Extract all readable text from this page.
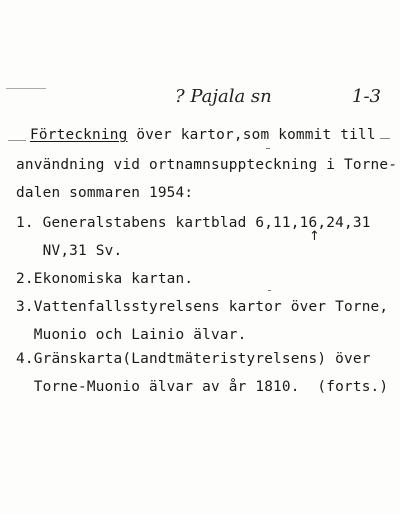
? Pajala sn	1-3
Förteckning över kartor,som kommit till
användning vid ortnamnsuppteckning i Torne-
dalen sommaren 1954:
1. Generalstabens kartblad 6,11,16,24,31
NV,31 Sv.
2.Ekonomiska kartan.
3.Vattenfallsstyrelsens kartor över Torne,
Muonio och Lainio älvar.
4.Gränskarta(Landtmäteristyrelsens) över
Torne-Muonio älvar av år 1810.  (forts.)
↑
